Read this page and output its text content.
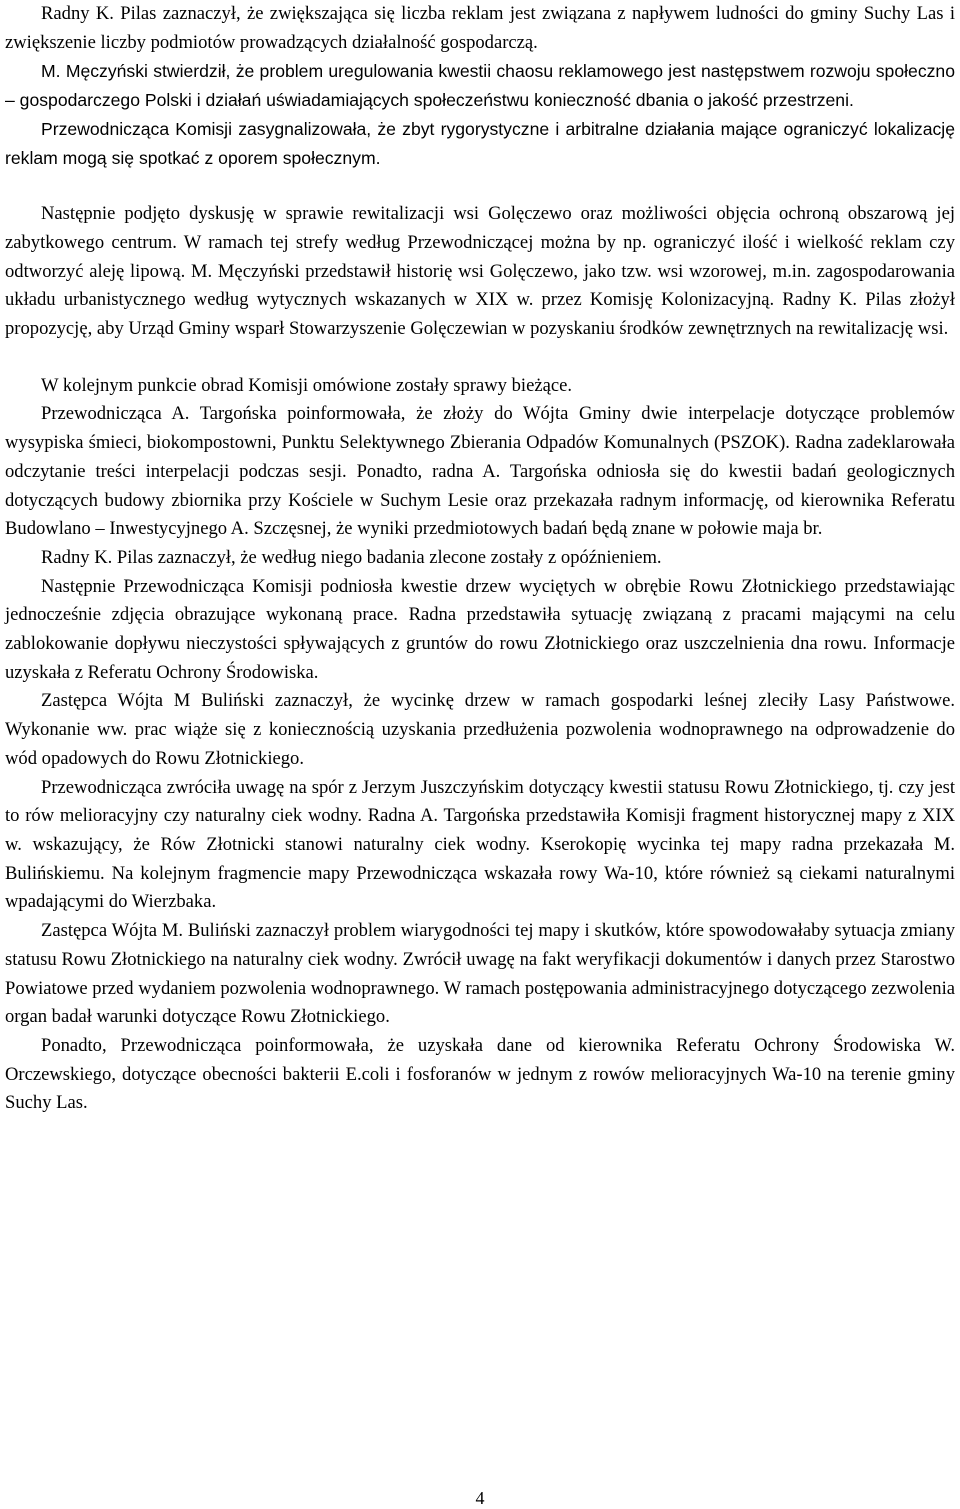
Radny K. Pilas zaznaczył, że zwiększająca się liczba reklam jest związana z napływem ludności do gminy Suchy Las i zwiększenie liczby podmiotów prowadzących działalność gospodarczą.

M. Męczyński stwierdził, że problem uregulowania kwestii chaosu reklamowego jest następstwem rozwoju społeczno – gospodarczego Polski i działań uświadamiających społeczeństwu konieczność dbania o jakość przestrzeni.

Przewodnicząca Komisji zasygnalizowała, że zbyt rygorystyczne i arbitralne działania mające ograniczyć lokalizację reklam mogą się spotkać z oporem społecznym.

Następnie podjęto dyskusję w sprawie rewitalizacji wsi Golęczewo oraz możliwości objęcia ochroną obszarową jej zabytkowego centrum. W ramach tej strefy według Przewodniczącej można by np. ograniczyć ilość i wielkość reklam czy odtworzyć aleję lipową. M. Męczyński przedstawił historię wsi Golęczewo, jako tzw. wsi wzorowej, m.in. zagospodarowania układu urbanistycznego według wytycznych wskazanych w XIX w. przez Komisję Kolonizacyjną. Radny K. Pilas złożył propozycję, aby Urząd Gminy wsparł Stowarzyszenie Golęczewian w pozyskaniu środków zewnętrznych na rewitalizację wsi.

W kolejnym punkcie obrad Komisji omówione zostały sprawy bieżące.

Przewodnicząca A. Targońska poinformowała, że złoży do Wójta Gminy dwie interpelacje dotyczące problemów wysypiska śmieci, biokompostowni, Punktu Selektywnego Zbierania Odpadów Komunalnych (PSZOK). Radna zadeklarowała odczytanie treści interpelacji podczas sesji. Ponadto, radna A. Targońska odniosła się do kwestii badań geologicznych dotyczących budowy zbiornika przy Kościele w Suchym Lesie oraz przekazała radnym informację, od kierownika Referatu Budowlano – Inwestycyjnego A. Szczęsnej, że wyniki przedmiotowych badań będą znane w połowie maja br.

Radny K. Pilas zaznaczył, że według niego badania zlecone zostały z opóźnieniem.

Następnie Przewodnicząca Komisji podniosła kwestie drzew wyciętych w obrębie Rowu Złotnickiego przedstawiając jednocześnie zdjęcia obrazujące wykonaną prace. Radna przedstawiła sytuację związaną z pracami mającymi na celu zablokowanie dopływu nieczystości spływających z gruntów do rowu Złotnickiego oraz uszczelnienia dna rowu. Informacje uzyskała z Referatu Ochrony Środowiska.

Zastępca Wójta M Buliński zaznaczył, że wycinkę drzew w ramach gospodarki leśnej zleciły Lasy Państwowe. Wykonanie ww. prac wiąże się z koniecznością uzyskania przedłużenia pozwolenia wodnoprawnego na odprowadzenie do wód opadowych do Rowu Złotnickiego.

Przewodnicząca zwróciła uwagę na spór z Jerzym Juszczyńskim dotyczący kwestii statusu Rowu Złotnickiego, tj. czy jest to rów melioracyjny czy naturalny ciek wodny. Radna A. Targońska przedstawiła Komisji fragment historycznej mapy z XIX w. wskazujący, że Rów Złotnicki stanowi naturalny ciek wodny. Kserokopię wycinka tej mapy radna przekazała M. Bulińskiemu. Na kolejnym fragmencie mapy Przewodnicząca wskazała rowy Wa-10, które również są ciekami naturalnymi wpadającymi do Wierzbaka.

Zastępca Wójta M. Buliński zaznaczył problem wiarygodności tej mapy i skutków, które spowodowałaby sytuacja zmiany statusu Rowu Złotnickiego na naturalny ciek wodny. Zwrócił uwagę na fakt weryfikacji dokumentów i danych przez Starostwo Powiatowe przed wydaniem pozwolenia wodnoprawnego. W ramach postępowania administracyjnego dotyczącego zezwolenia organ badał warunki dotyczące Rowu Złotnickiego.

Ponadto, Przewodnicząca poinformowała, że uzyskała dane od kierownika Referatu Ochrony Środowiska W. Orczewskiego, dotyczące obecności bakterii E.coli i fosforanów w jednym z rowów melioracyjnych Wa-10 na terenie gminy Suchy Las.

4
